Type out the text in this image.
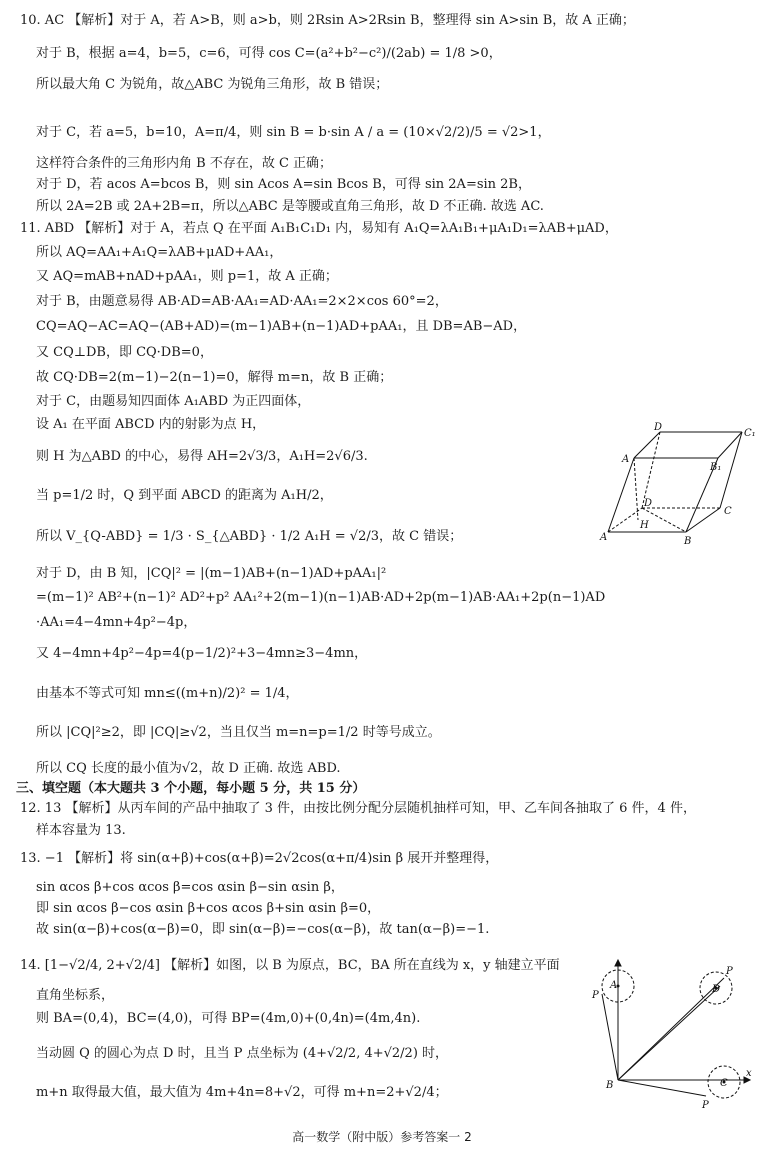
10. AC 【解析】对于 A，若 A>B，则 a>b，则 2Rsin A>2Rsin B，整理得 sin A>sin B，故 A 正确；
对于 B，根据 a=4，b=5，c=6，可得 cos C=(a²+b²−c²)/(2ab) = 1/8 >0，
所以最大角 C 为锐角，故△ABC 为锐角三角形，故 B 错误；
对于 C，若 a=5，b=10，A=π/4，则 sin B = b·sin A / a = (10×√2/2)/5 = √2>1，
这样符合条件的三角形内角 B 不存在，故 C 正确；
对于 D，若 acos A=bcos B，则 sin Acos A=sin Bcos B，可得 sin 2A=sin 2B，
所以 2A=2B 或 2A+2B=π，所以△ABC 是等腰或直角三角形，故 D 不正确. 故选 AC.
11. ABD 【解析】对于 A，若点 Q 在平面 A₁B₁C₁D₁ 内，易知有 A₁Q=λA₁B₁+μA₁D₁=λAB+μAD，
所以 AQ=AA₁+A₁Q=λAB+μAD+AA₁，
又 AQ=mAB+nAD+pAA₁，则 p=1，故 A 正确；
对于 B，由题意易得 AB·AD=AB·AA₁=AD·AA₁=2×2×cos 60°=2，
CQ=AQ−AC=AQ−(AB+AD)=(m−1)AB+(n−1)AD+pAA₁，且 DB=AB−AD，
又 CQ⊥DB，即 CQ·DB=0，
故 CQ·DB=2(m−1)−2(n−1)=0，解得 m=n，故 B 正确；
对于 C，由题易知四面体 A₁ABD 为正四面体，
设 A₁ 在平面 ABCD 内的射影为点 H，
则 H 为△ABD 的中心，易得 AH=2√3/3，A₁H=2√6/3.
当 p=1/2 时，Q 到平面 ABCD 的距离为 A₁H/2，
所以 V_{Q-ABD} = 1/3 · S_{△ABD} · 1/2 A₁H = √2/3，故 C 错误；
对于 D，由 B 知，|CQ|² = |(m−1)AB+(n−1)AD+pAA₁|²
=(m−1)² AB²+(n−1)² AD²+p² AA₁²+2(m−1)(n−1)AB·AD+2p(m−1)AB·AA₁+2p(n−1)AD
·AA₁=4−4mn+4p²−4p，
又 4−4mn+4p²−4p=4(p−1/2)²+3−4mn≥3−4mn，
由基本不等式可知 mn≤((m+n)/2)² = 1/4，
所以 |CQ|²≥2，即 |CQ|≥√2，当且仅当 m=n=p=1/2 时等号成立。
所以 CQ 长度的最小值为√2，故 D 正确. 故选 ABD.
三、填空题（本大题共 3 个小题，每小题 5 分，共 15 分）
12. 13 【解析】从丙车间的产品中抽取了 3 件，由按比例分配分层随机抽样可知，甲、乙车间各抽取了 6 件，4 件，
样本容量为 13.
13. −1 【解析】将 sin(α+β)+cos(α+β)=2√2cos(α+π/4)sin β 展开并整理得，
sin αcos β+cos αcos β=cos αsin β−sin αsin β，
即 sin αcos β−cos αsin β+cos αcos β+sin αsin β=0，
故 sin(α−β)+cos(α−β)=0，即 sin(α−β)=−cos(α−β)，故 tan(α−β)=−1.
14. [1−√2/4, 2+√2/4] 【解析】如图，以 B 为原点，BC，BA 所在直线为 x，y 轴建立平面
直角坐标系，
则 BA=(0,4)，BC=(4,0)，可得 BP=(4m,0)+(0,4n)=(4m,4n).
当动圆 Q 的圆心为点 D 时，且当 P 点坐标为 (4+√2/2, 4+√2/2) 时，
m+n 取得最大值，最大值为 4m+4n=8+√2，可得 m+n=2+√2/4；
D
C₁
A
B₁
D
C
H
A	B
P
A
P
D
B
x
C
P
高一数学（附中版）参考答案一 2
